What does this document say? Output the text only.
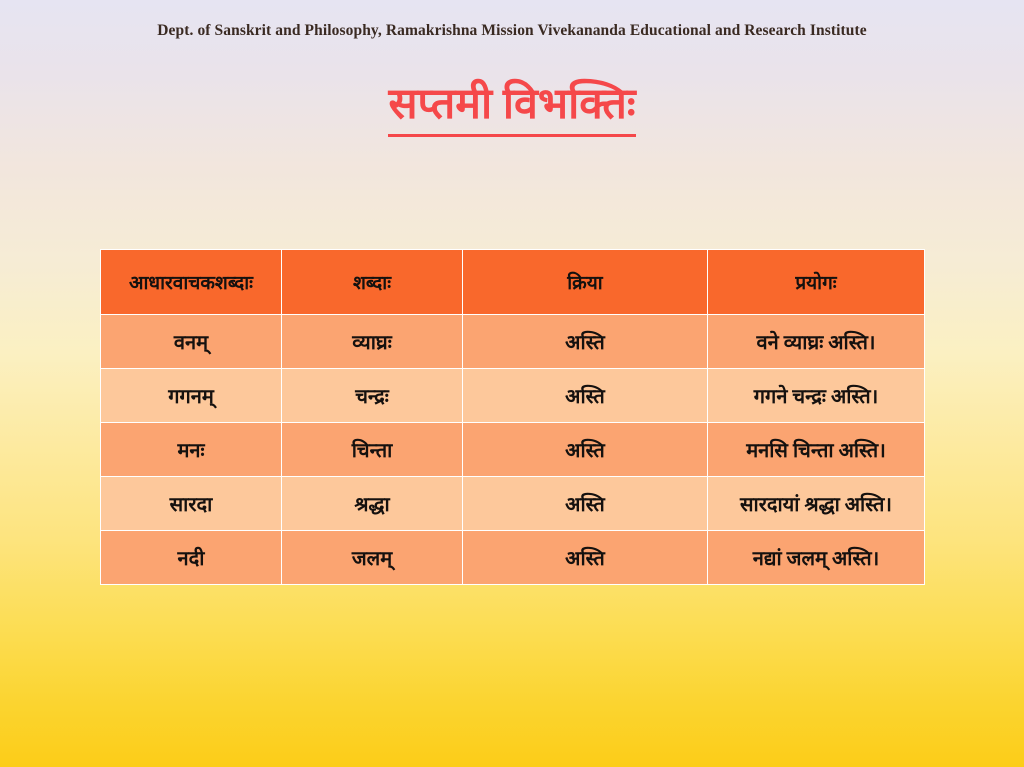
Dept. of Sanskrit and Philosophy, Ramakrishna Mission Vivekananda Educational and Research Institute
सप्तमी विभक्तिः
आधारवाचकशब्दाः	शब्दाः	क्रिया	प्रयोगः
वनम्	व्याघ्रः	अस्ति	वने व्याघ्रः अस्ति।
गगनम्	चन्द्रः	अस्ति	गगने चन्द्रः अस्ति।
मनः	चिन्ता	अस्ति	मनसि चिन्ता अस्ति।
सारदा	श्रद्धा	अस्ति	सारदायां श्रद्धा अस्ति।
नदी	जलम्	अस्ति	नद्यां जलम् अस्ति।
